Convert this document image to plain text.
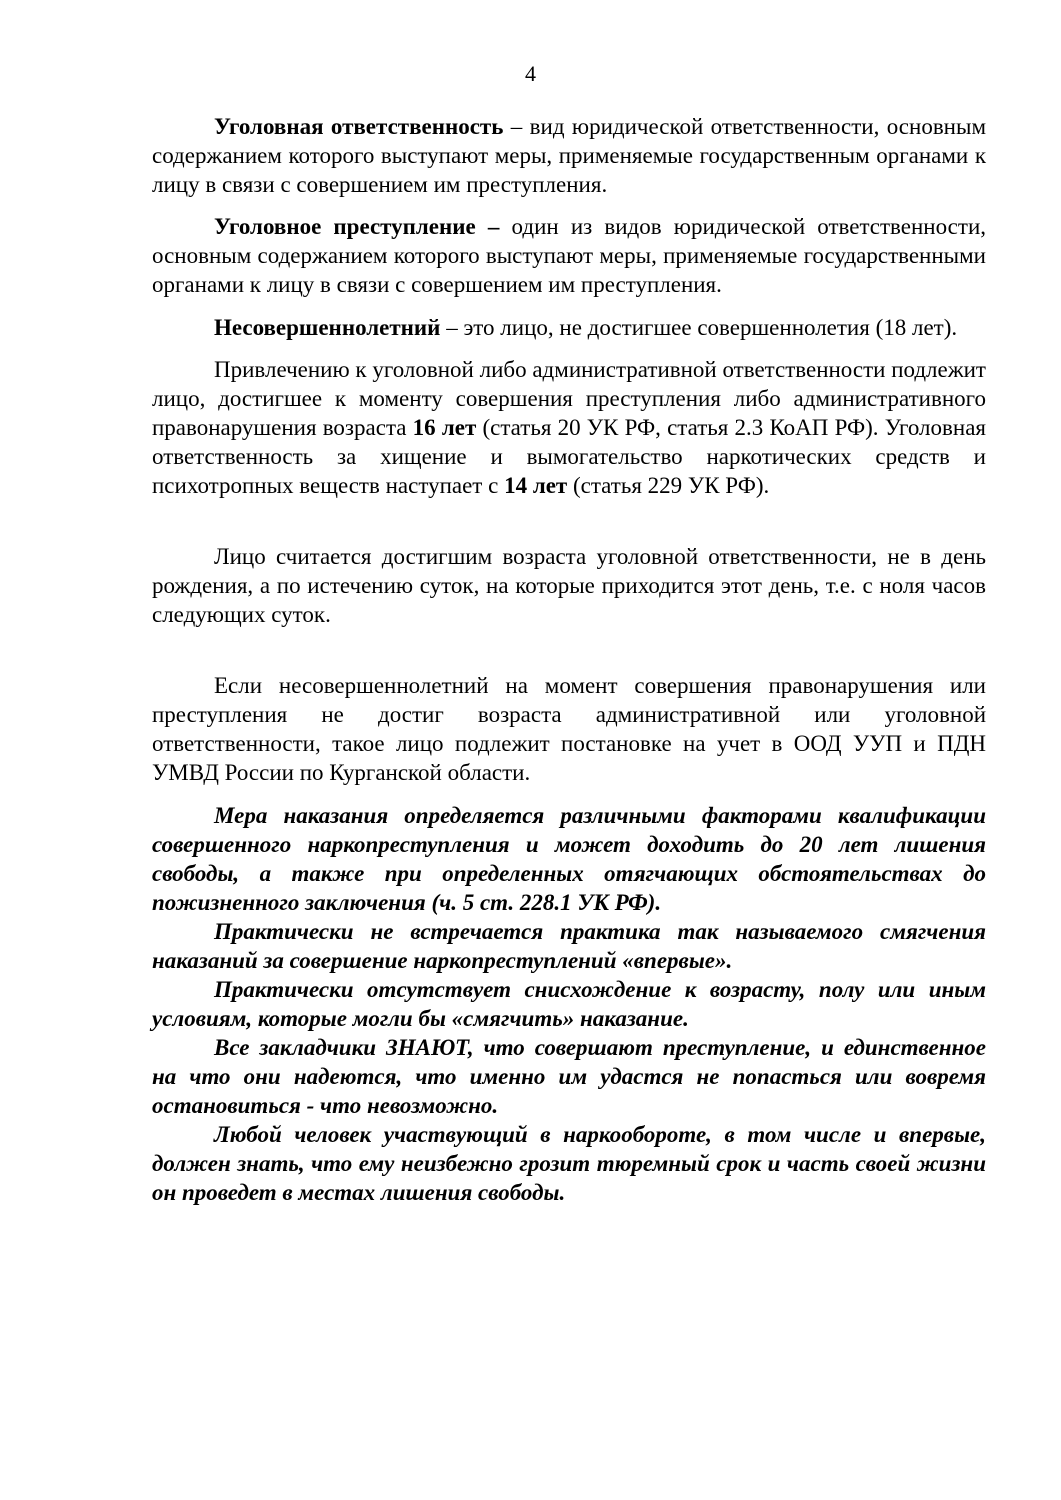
4

Уголовная ответственность – вид юридической ответственности, основным содержанием которого выступают меры, применяемые государственным органами к лицу в связи с совершением им преступления.

Уголовное преступление – один из видов юридической ответственности, основным содержанием которого выступают меры, применяемые государственными органами к лицу в связи с совершением им преступления.

Несовершеннолетний – это лицо, не достигшее совершеннолетия (18 лет).

Привлечению к уголовной либо административной ответственности подлежит лицо, достигшее к моменту совершения преступления либо административного правонарушения возраста 16 лет (статья 20 УК РФ, статья 2.3 КоАП РФ). Уголовная ответственность за хищение и вымогательство наркотических средств и психотропных веществ наступает с 14 лет (статья 229 УК РФ).

Лицо считается достигшим возраста уголовной ответственности, не в день рождения, а по истечению суток, на которые приходится этот день, т.е. с ноля часов следующих суток.

Если несовершеннолетний на момент совершения правонарушения или преступления не достиг возраста административной или уголовной ответственности, такое лицо подлежит постановке на учет в ООД УУП и ПДН УМВД России по Курганской области.

Мера наказания определяется различными факторами квалификации совершенного наркопреступления и может доходить до 20 лет лишения свободы, а также при определенных отягчающих обстоятельствах до пожизненного заключения (ч. 5 ст. 228.1 УК РФ).

Практически не встречается практика так называемого смягчения наказаний за совершение наркопреступлений «впервые».

Практически отсутствует снисхождение к возрасту, полу или иным условиям, которые могли бы «смягчить» наказание.

Все закладчики ЗНАЮТ, что совершают преступление, и единственное на что они надеются, что именно им удастся не попасться или вовремя остановиться - что невозможно.

Любой человек участвующий в наркообороте, в том числе и впервые, должен знать, что ему неизбежно грозит тюремный срок и часть своей жизни он проведет в местах лишения свободы.
